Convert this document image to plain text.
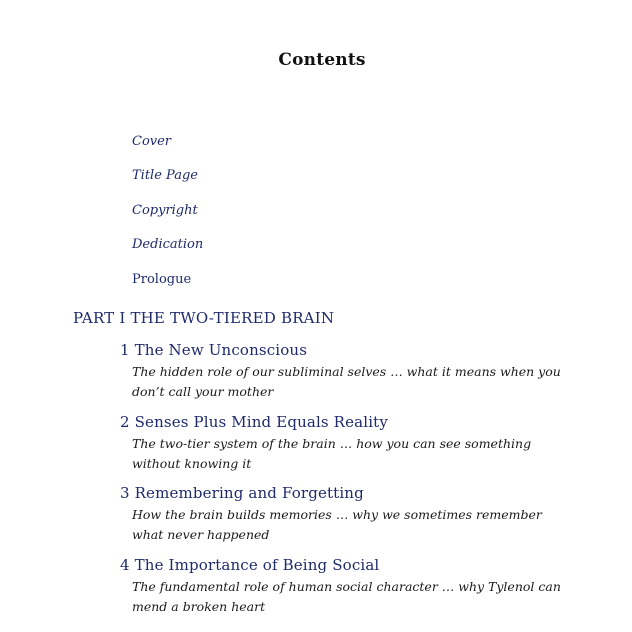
Contents
Cover
Title Page
Copyright
Dedication
Prologue
PART I THE TWO-TIERED BRAIN
1 The New Unconscious
The hidden role of our subliminal selves … what it means when you don’t call your mother
2 Senses Plus Mind Equals Reality
The two-tier system of the brain … how you can see something without knowing it
3 Remembering and Forgetting
How the brain builds memories … why we sometimes remember what never happened
4 The Importance of Being Social
The fundamental role of human social character … why Tylenol can mend a broken heart
